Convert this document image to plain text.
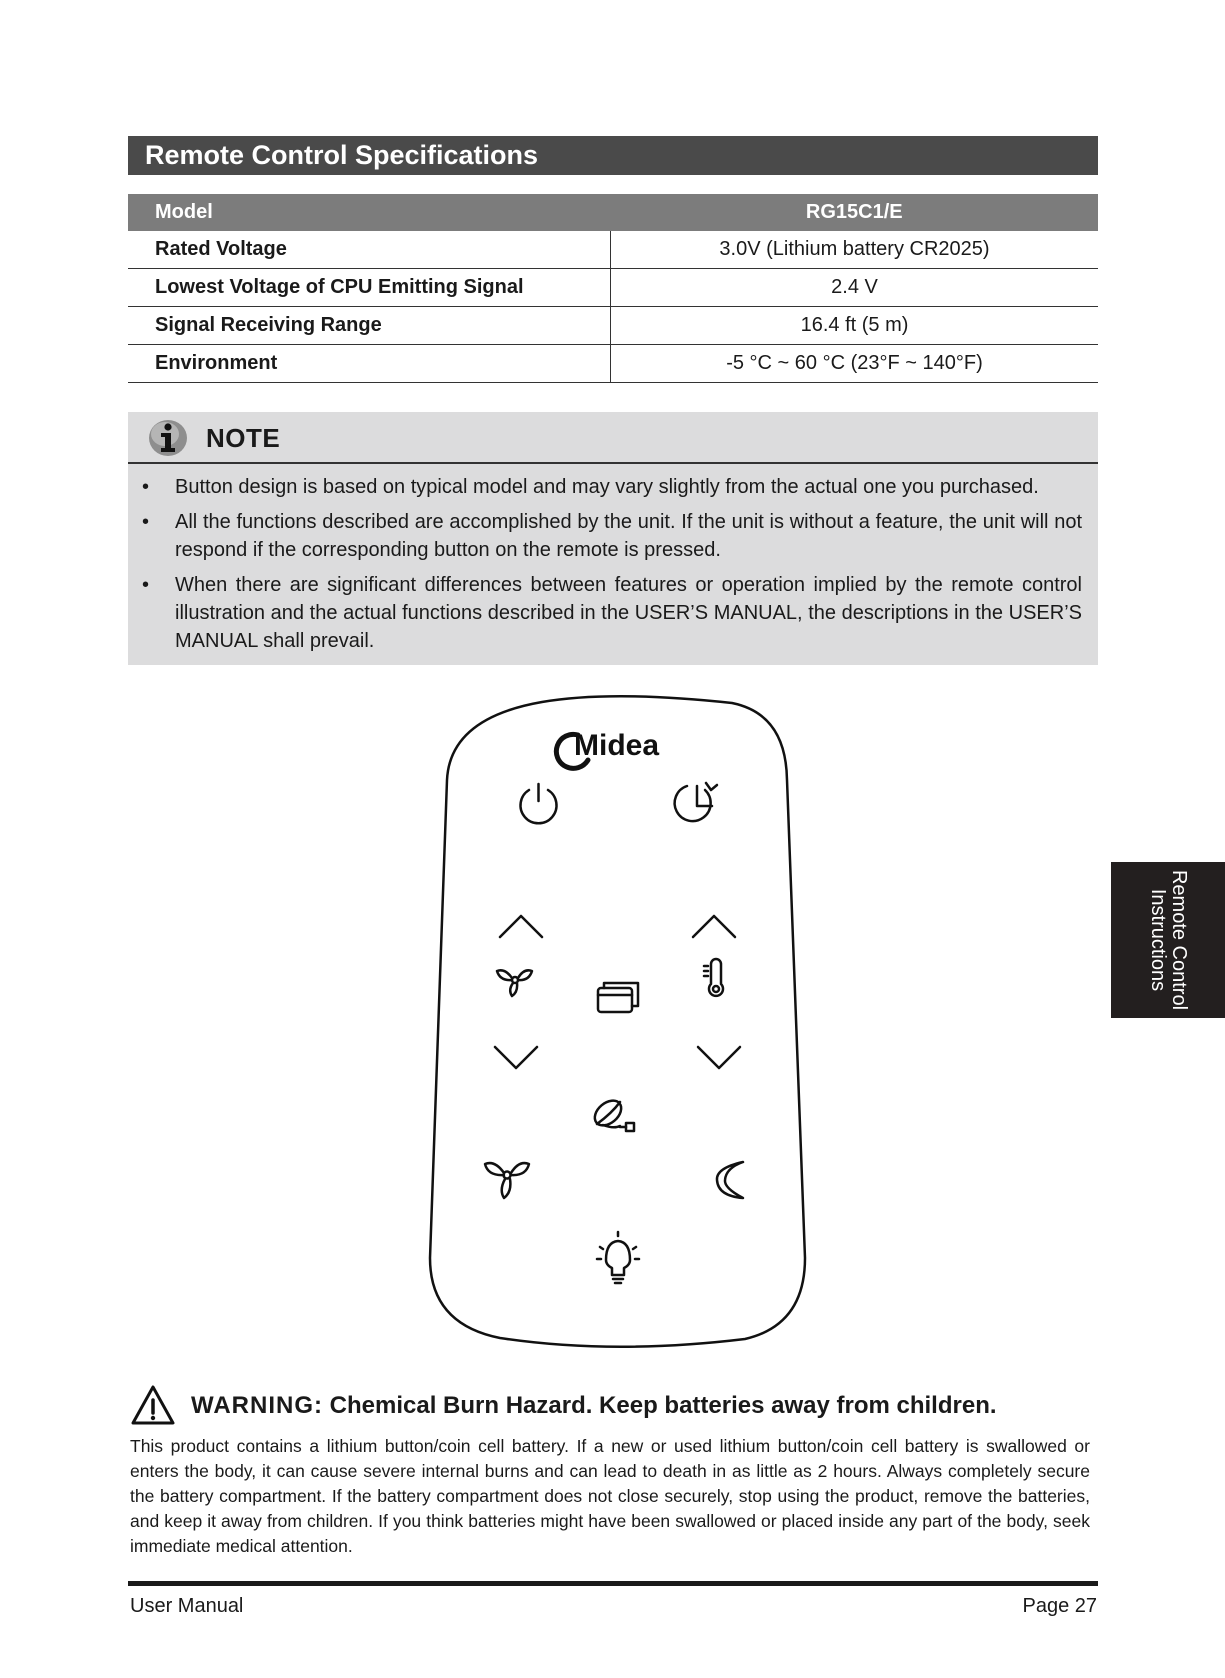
Remote Control Specifications
Model	RG15C1/E
Rated Voltage	3.0V (Lithium battery CR2025)
Lowest Voltage of CPU Emitting Signal	2.4 V
Signal Receiving Range	16.4 ft (5 m)
Environment	-5 °C ~ 60 °C (23°F ~ 140°F)
NOTE
• Button design is based on typical model and may vary slightly from the actual one you purchased.
• All the functions described are accomplished by the unit. If the unit is without a feature, the unit will not respond if the corresponding button on the remote is pressed.
• When there are significant differences between features or operation implied by the remote control illustration and the actual functions described in the USER’S MANUAL, the descriptions in the USER’S MANUAL shall prevail.
Midea
WARNING: Chemical Burn Hazard. Keep batteries away from children.
This product contains a lithium button/coin cell battery. If a new or used lithium button/coin cell battery is swallowed or enters the body, it can cause severe internal burns and can lead to death in as little as 2 hours. Always completely secure the battery compartment. If the battery compartment does not close securely, stop using the product, remove the batteries, and keep it away from children. If you think batteries might have been swallowed or placed inside any part of the body, seek immediate medical attention.
User Manual	Page 27
Remote Control
Instructions
